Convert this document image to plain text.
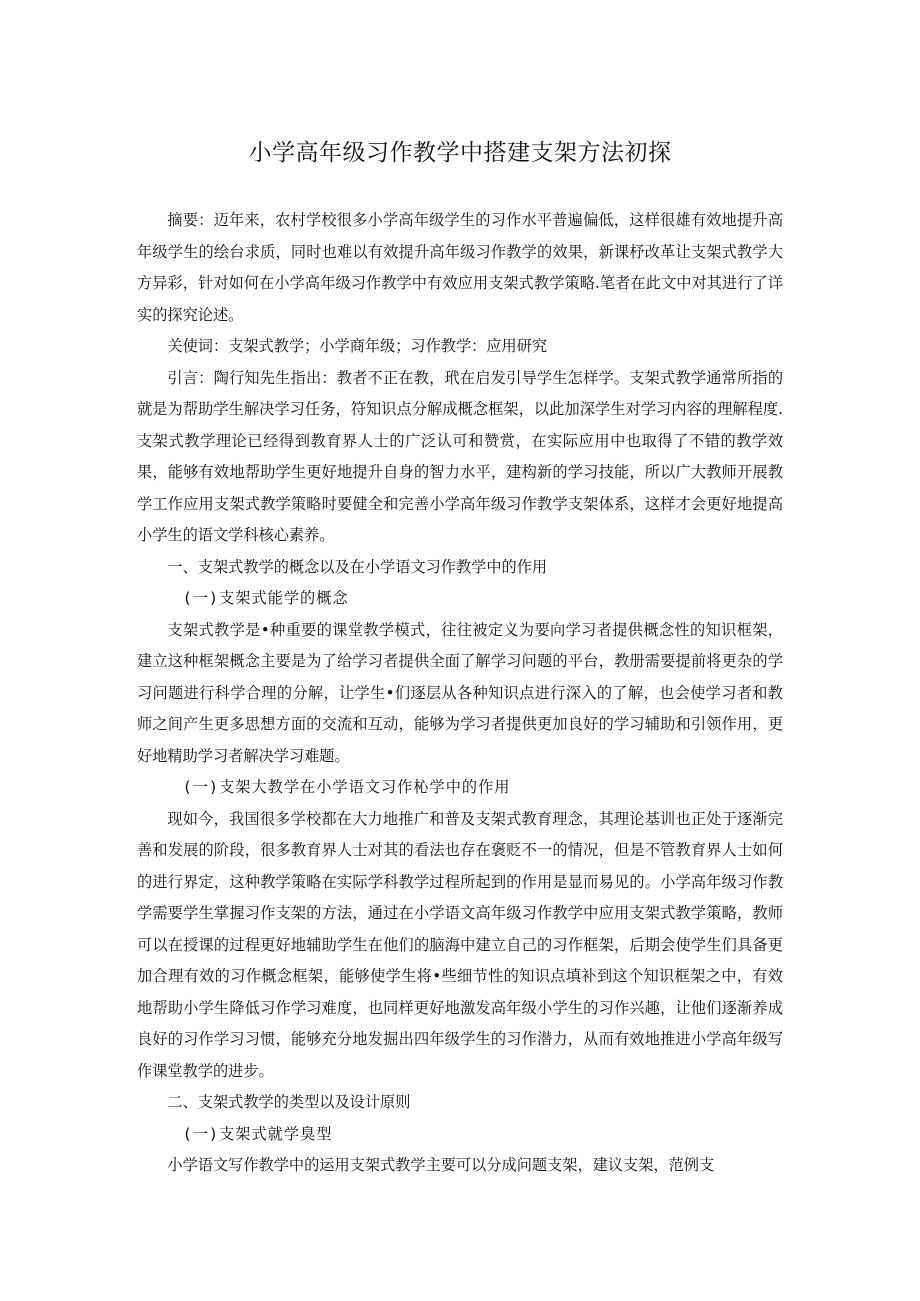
小学高年级习作教学中搭建支架方法初探

摘要：迈年来，农村学校很多小学高年级学生的习作水平普遍偏低，这样很雄有效地提升高年级学生的绘台求质，同时也难以有效提升高年级习作教学的效果，新课杼改革让支架式教学大方异彩，针对如何在小学高年级习作教学中有效应用支架式教学策略.笔者在此文中对其进行了详实的探究论述。

关使词：支架式教学；小学商年级；习作教学：应用研究

引言：陶行知先生指出：教者不正在教，玳在启发引导学生怎样学。支架式教学通常所指的就是为帮助学生解决学习任务，符知识点分解成概念框架，以此加深学生对学习内容的理解程度.支架式教学理论已经得到教育界人士的广泛认可和赞赏，在实际应用中也取得了不错的教学效果，能够有效地帮助学生更好地提升自身的智力水平，建构新的学习技能，所以广大教师开展教学工作应用支架式教学策略时要健全和完善小学高年级习作教学支架体系，这样才会更好地提高小学生的语文学科核心素养。

一、支架式教学的概念以及在小学语文习作教学中的作用

(一)支架式能学的概念

支架式教学是•种重要的课堂教学模式，往往被定义为要向学习者提供概念性的知识框架，建立这种框架概念主要是为了给学习者提供全面了解学习问题的平台，教册需要提前将更杂的学习问题进行科学合理的分解，让学生•们逐层从各种知识点进行深入的了解，也会使学习者和教师之间产生更多思想方面的交流和互动，能够为学习者提供更加良好的学习辅助和引领作用，更好地精助学习者解决学习难题。

(一)支架大教学在小学语文习作杺学中的作用

现如今，我国很多学校都在大力地推广和普及支架式教育理念，其理论基训也正处于逐渐完善和发展的阶段，很多教育界人士对其的看法也存在褒贬不一的情况，但是不管教育界人士如何的进行界定，这种教学策略在实际学科教学过程所起到的作用是显而易见的。小学高年级习作教学需要学生掌握习作支架的方法，通过在小学语文高年级习作教学中应用支架式教学策略，教师可以在授课的过程更好地辅助学生在他们的脑海中建立自己的习作框架，后期会使学生们具备更加合理有效的习作概念框架，能够使学生将•些细节性的知识点填补到这个知识框架之中，有效地帮助小学生降低习作学习难度，也同样更好地激发高年级小学生的习作兴趣，让他们逐渐养成良好的习作学习习惯，能够充分地发掘出四年级学生的习作潜力，从而有效地推进小学高年级写作课堂教学的进步。

二、支架式教学的类型以及设计原则

(一)支架式就学臭型

小学语文写作教学中的运用支架式教学主要可以分成问题支架，建议支架，范例支
